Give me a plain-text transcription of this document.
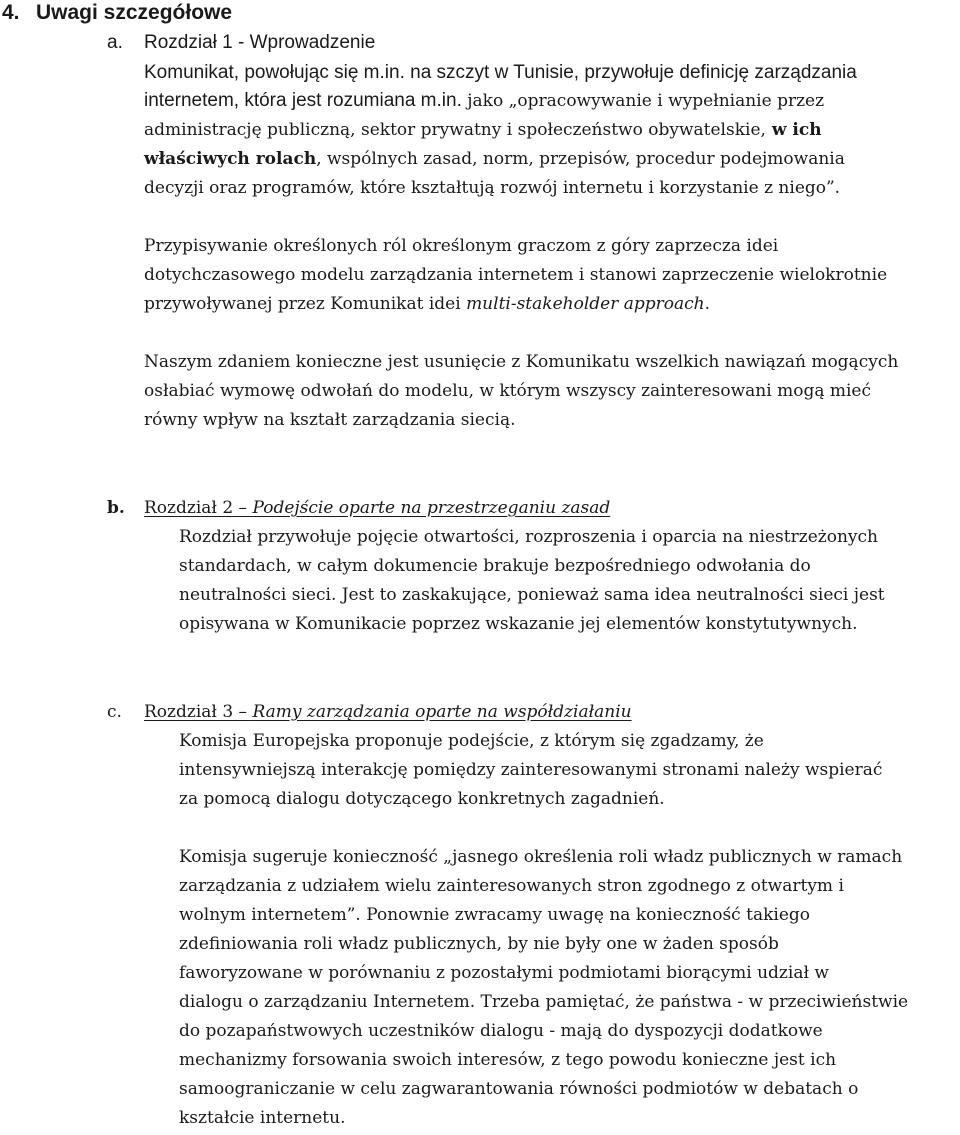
4. Uwagi szczegółowe
a. Rozdział 1 - Wprowadzenie
Komunikat, powołując się m.in. na szczyt w Tunisie, przywołuje definicję zarządzania
internetem, która jest rozumiana m.in. jako „opracowywanie i wypełnianie przez
administrację publiczną, sektor prywatny i społeczeństwo obywatelskie, w ich
właściwych rolach, wspólnych zasad, norm, przepisów, procedur podejmowania
decyzji oraz programów, które kształtują rozwój internetu i korzystanie z niego”.
Przypisywanie określonych ról określonym graczom z góry zaprzecza idei
dotychczasowego modelu zarządzania internetem i stanowi zaprzeczenie wielokrotnie
przywoływanej przez Komunikat idei multi-stakeholder approach.
Naszym zdaniem konieczne jest usunięcie z Komunikatu wszelkich nawiązań mogących
osłabiać wymowę odwołań do modelu, w którym wszyscy zainteresowani mogą mieć
równy wpływ na kształt zarządzania siecią.
b. Rozdział 2 – Podejście oparte na przestrzeganiu zasad
Rozdział przywołuje pojęcie otwartości, rozproszenia i oparcia na niestrzeżonych
standardach, w całym dokumencie brakuje bezpośredniego odwołania do
neutralności sieci. Jest to zaskakujące, ponieważ sama idea neutralności sieci jest
opisywana w Komunikacie poprzez wskazanie jej elementów konstytutywnych.
c. Rozdział 3 – Ramy zarządzania oparte na współdziałaniu
Komisja Europejska proponuje podejście, z którym się zgadzamy, że
intensywniejszą interakcję pomiędzy zainteresowanymi stronami należy wspierać
za pomocą dialogu dotyczącego konkretnych zagadnień.
Komisja sugeruje konieczność „jasnego określenia roli władz publicznych w ramach
zarządzania z udziałem wielu zainteresowanych stron zgodnego z otwartym i
wolnym internetem”. Ponownie zwracamy uwagę na konieczność takiego
zdefiniowania roli władz publicznych, by nie były one w żaden sposób
faworyzowane w porównaniu z pozostałymi podmiotami biorącymi udział w
dialogu o zarządzaniu Internetem. Trzeba pamiętać, że państwa - w przeciwieństwie
do pozapaństwowych uczestników dialogu - mają do dyspozycji dodatkowe
mechanizmy forsowania swoich interesów, z tego powodu konieczne jest ich
samoograniczanie w celu zagwarantowania równości podmiotów w debatach o
kształcie internetu.
